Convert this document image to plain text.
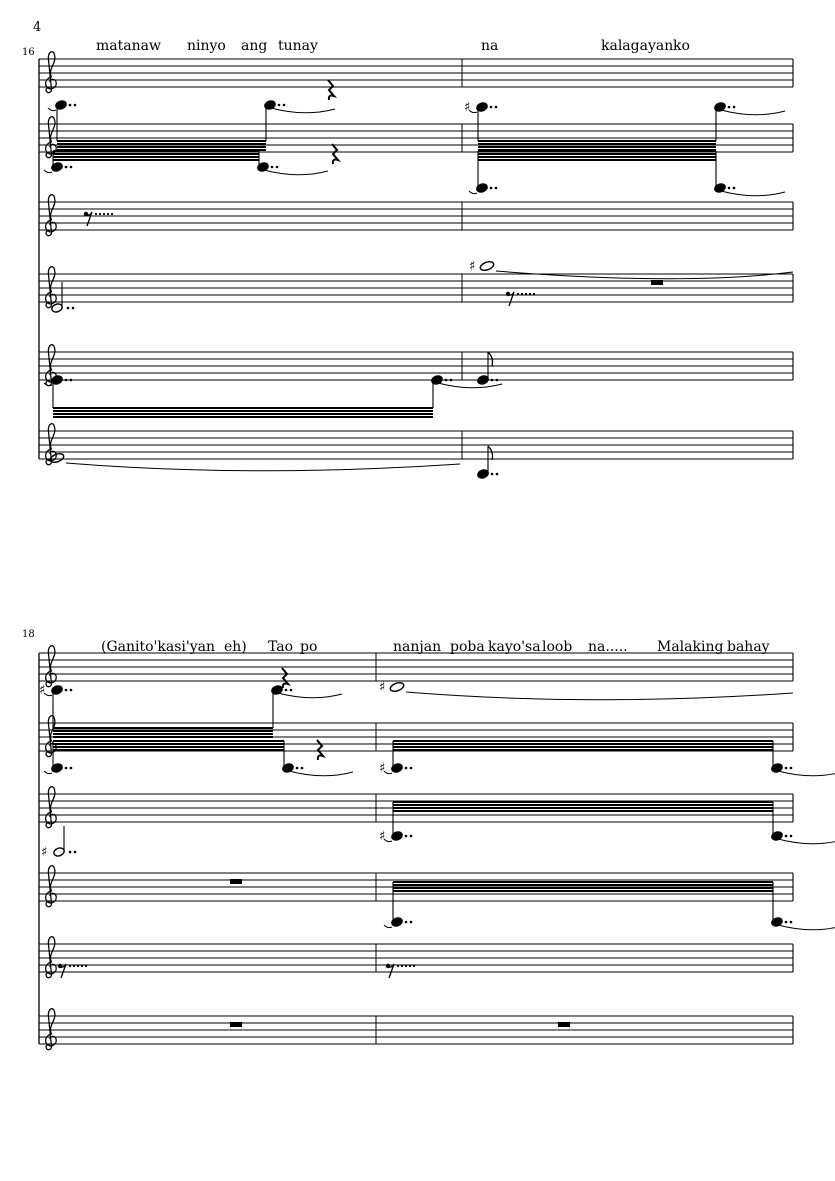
4
16	matanaw ninyo ang tunay	na	kalagayan ko
♯
♯
18
(Ganito'kasi'yan eh) Tao po	nanjan poba kayo'sa loob na..... Malaking bahay
♯
♯
♯
♯
♯
